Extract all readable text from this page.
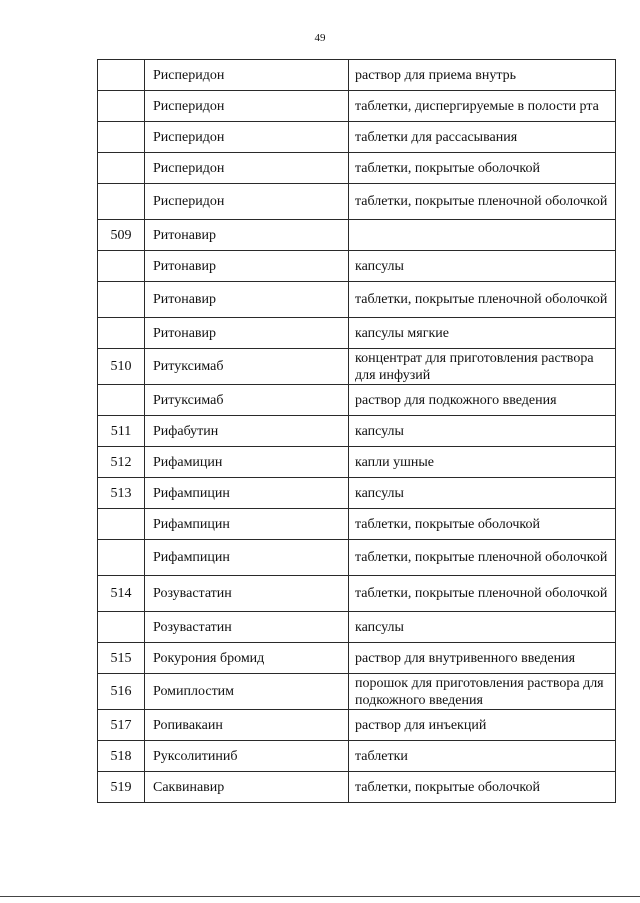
49
	Рисперидон	раствор для приема внутрь
	Рисперидон	таблетки, диспергируемые в полости рта
	Рисперидон	таблетки для рассасывания
	Рисперидон	таблетки, покрытые оболочкой
	Рисперидон	таблетки, покрытые пленочной оболочкой
509	Ритонавир	
	Ритонавир	капсулы
	Ритонавир	таблетки, покрытые пленочной оболочкой
	Ритонавир	капсулы мягкие
510	Ритуксимаб	концентрат для приготовления раствора для инфузий
	Ритуксимаб	раствор для подкожного введения
511	Рифабутин	капсулы
512	Рифамицин	капли ушные
513	Рифампицин	капсулы
	Рифампицин	таблетки, покрытые оболочкой
	Рифампицин	таблетки, покрытые пленочной оболочкой
514	Розувастатин	таблетки, покрытые пленочной оболочкой
	Розувастатин	капсулы
515	Рокурония бромид	раствор для внутривенного введения
516	Ромиплостим	порошок для приготовления раствора для подкожного введения
517	Ропивакаин	раствор для инъекций
518	Руксолитиниб	таблетки
519	Саквинавир	таблетки, покрытые оболочкой
